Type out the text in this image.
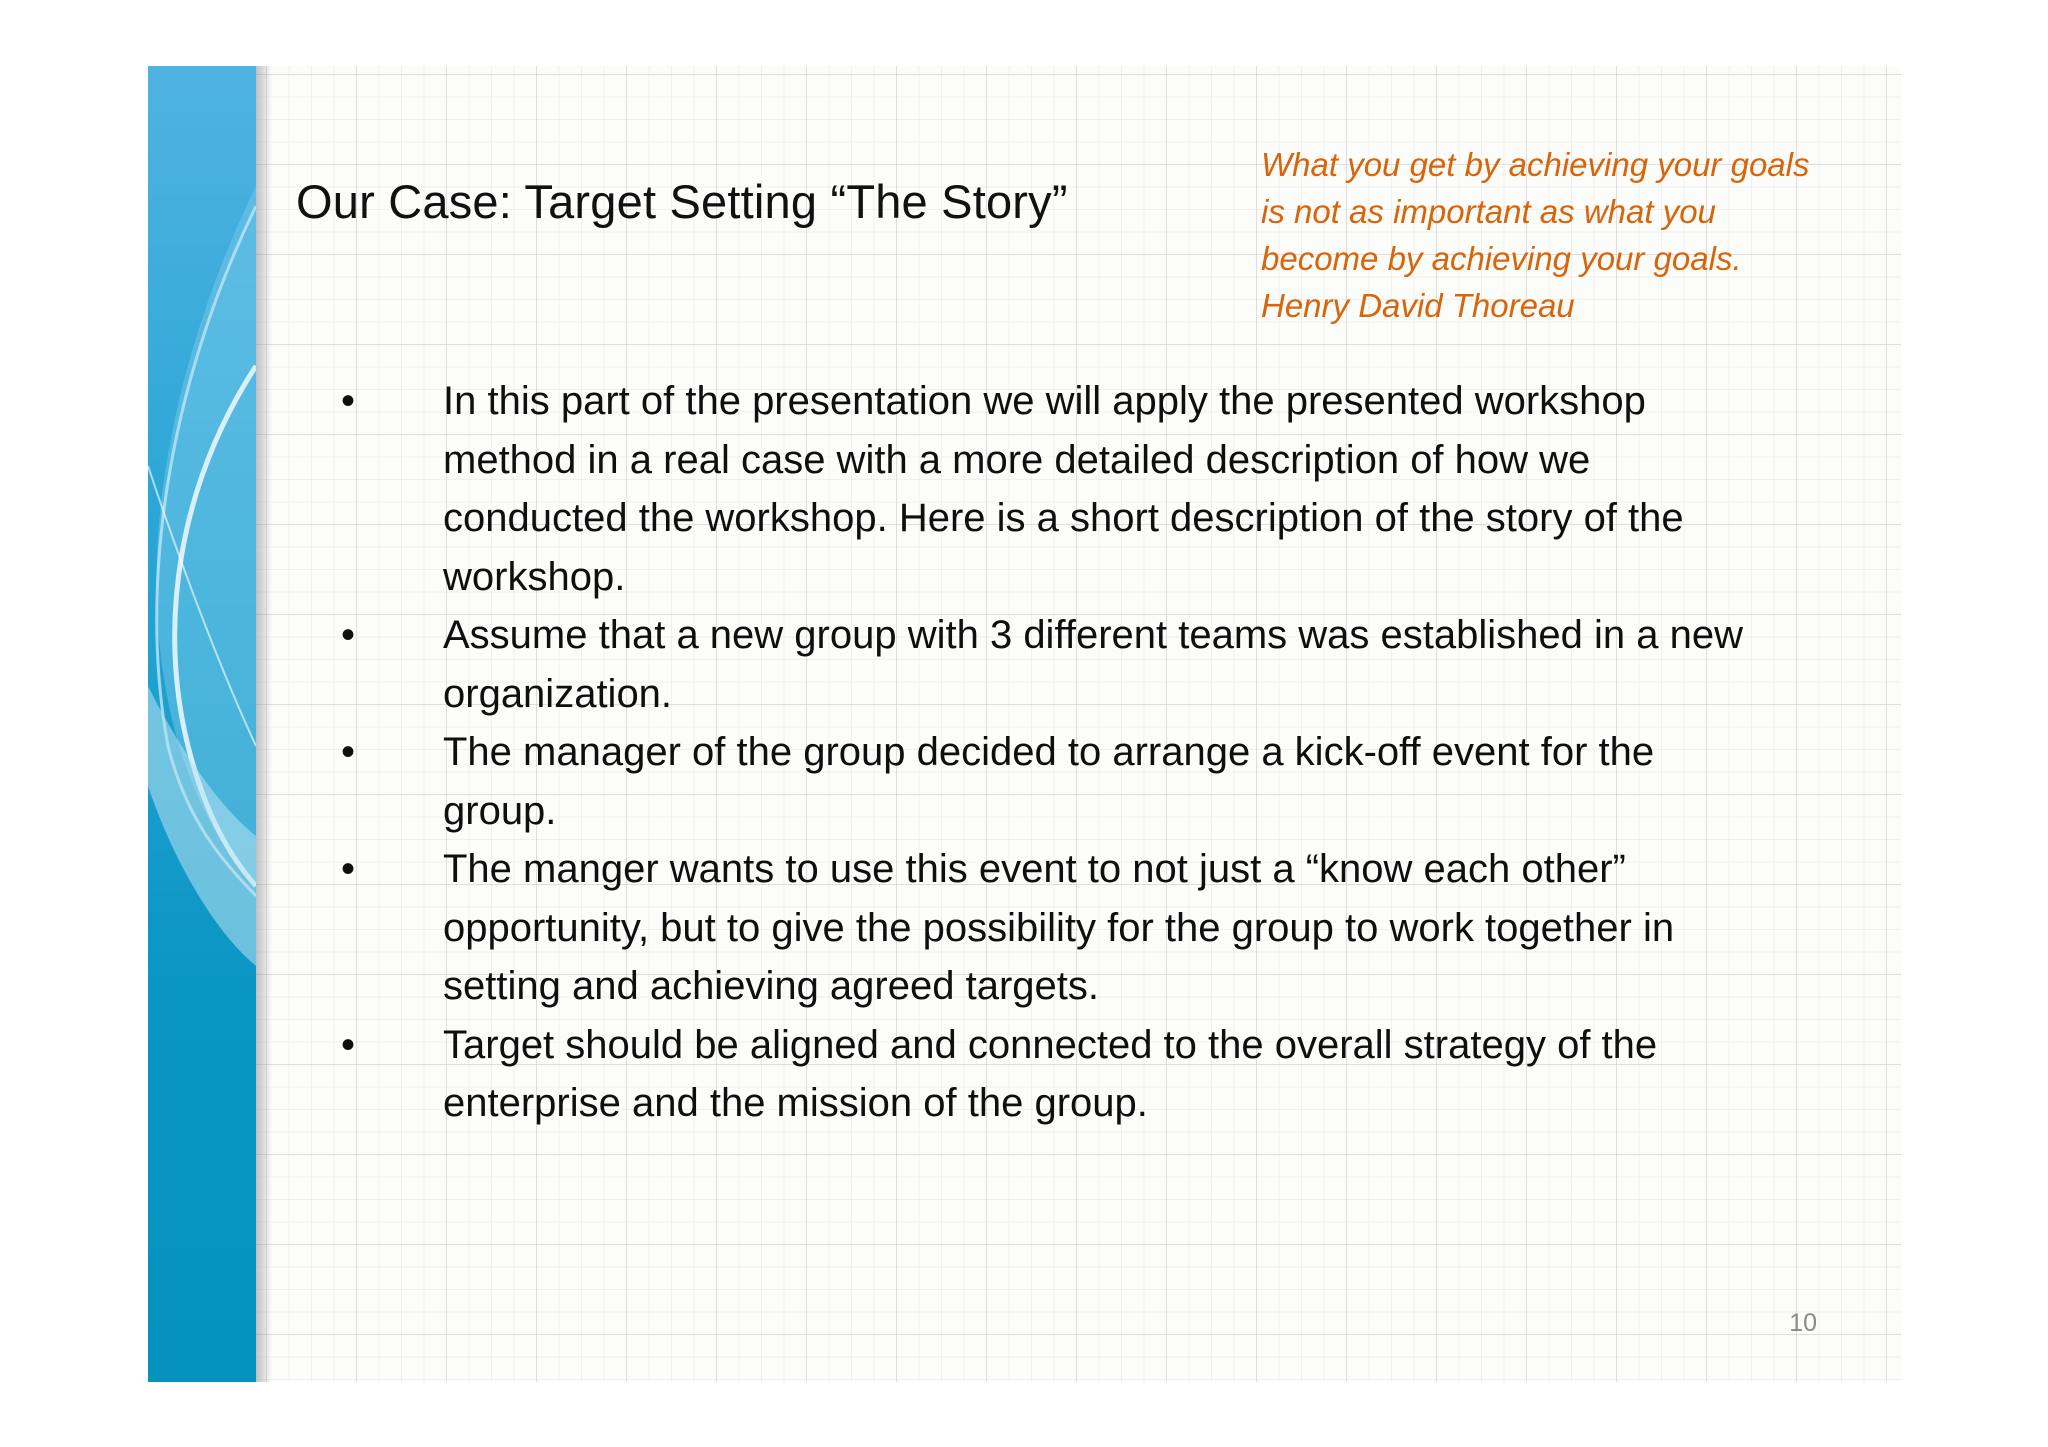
Our Case: Target Setting “The Story”
What you get by achieving your goals is not as important as what you become by achieving your goals. Henry David Thoreau
• In this part of the presentation we will apply the presented workshop method in a real case with a more detailed description of how we conducted the workshop. Here is a short description of the story of the workshop.
• Assume that a new group with 3 different teams was established in a new organization.
• The manager of the group decided to arrange a kick-off event for the group.
• The manger wants to use this event to not just a “know each other” opportunity, but to give the possibility for the group to work together in setting and achieving agreed targets.
• Target should be aligned and connected to the overall strategy of the enterprise and the mission of the group.
10
